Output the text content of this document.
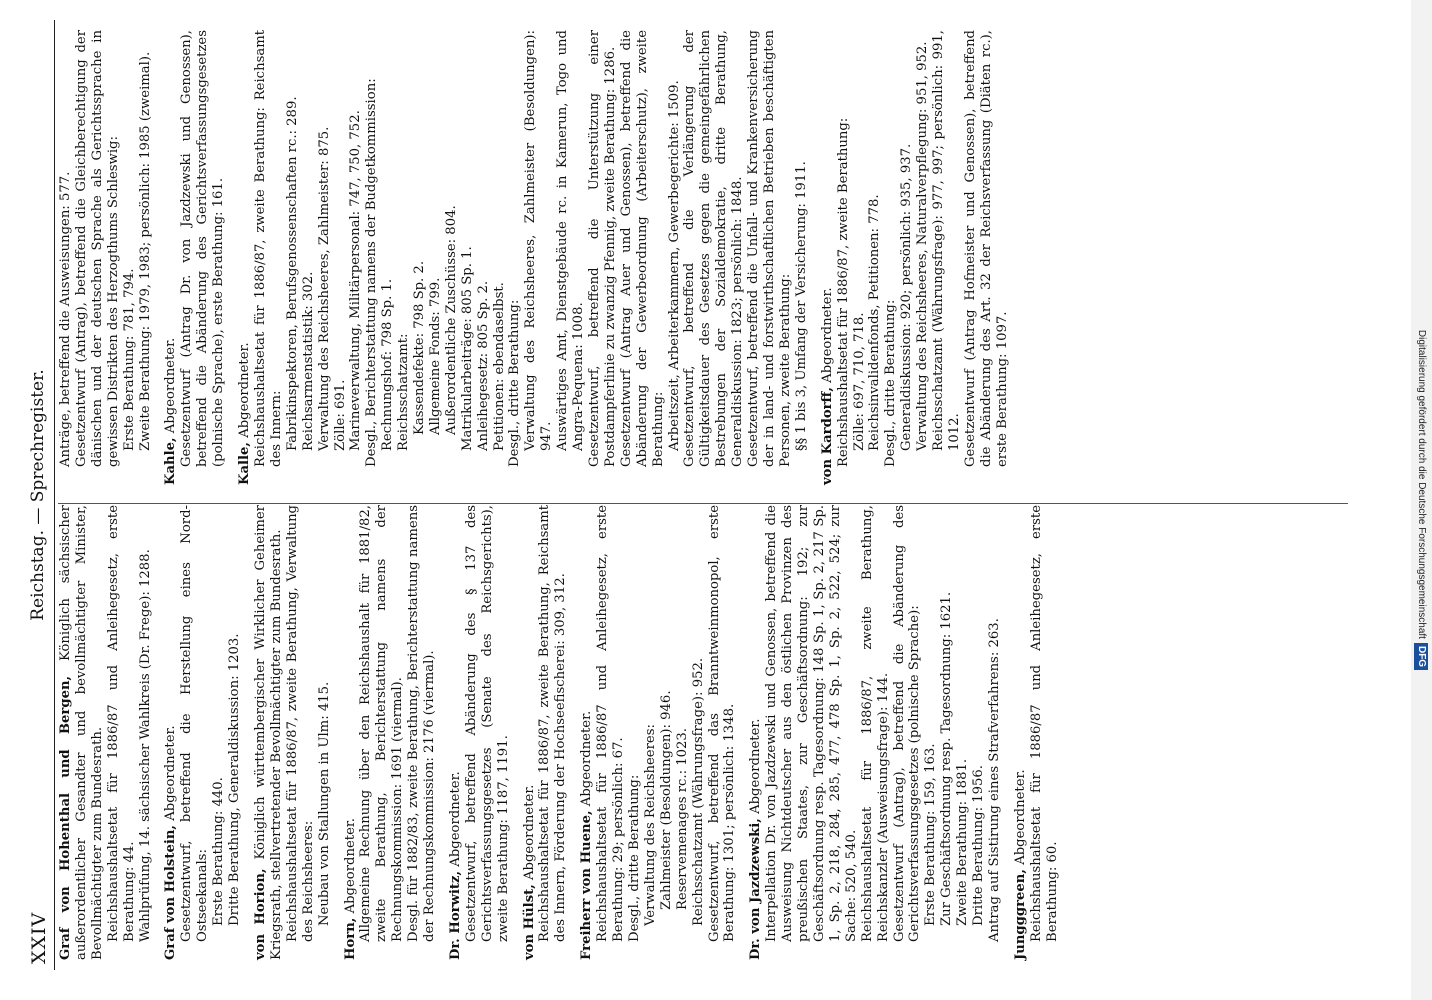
XXIV
Reichstag. — Sprechregister.
Graf von Hohenthal und Bergen, Königlich sächsischer außerordentlicher Gesandter und bevollmächtigter Minister, Bevollmächtigter zum Bundesrath. Reichshaushaltsetat für 1886/87 und Anleihegesetz, erste Berathung: 44. Wahlprüfung, 14. sächsischer Wahlkreis (Dr. Frege): 1288. Graf von Holstein, Abgeordneter. Gesetzentwurf, betreffend die Herstellung eines Nord-Ostseekanals: Erste Berathung: 440. Dritte Berathung, Generaldiskussion: 1203. von Horion, Königlich württembergischer Wirklicher Geheimer Kriegsrath, stellvertretender Bevollmächtigter zum Bundesrath. Reichshaushaltsetat für 1886/87, zweite Berathung, Verwaltung des Reichsheeres: Neubau von Stallungen in Ulm: 415.
Horn, Abgeordneter. Allgemeine Rechnung über den Reichshaushalt für 1881/82, zweite Berathung, Berichterstattung namens der Rechnungskommission: 1691 (viermal). Desgl. für 1882/83, zweite Berathung, Berichterstattung namens der Rechnungskommission: 2176 (viermal). Dr. Horwitz, Abgeordneter. Gesetzentwurf, betreffend Abänderung des § 137 des Gerichtsverfassungsgesetzes (Senate des Reichsgerichts), zweite Berathung: 1187, 1191. von Hülst, Abgeordneter. Reichshaushaltsetat für 1886/87, zweite Berathung, Reichsamt des Innern, Förderung der Hochseefischerei: 309, 312. Freiherr von Huene, Abgeordneter. Reichshaushaltsetat für 1886/87 und Anleihegesetz, erste Berathung: 29; persönlich: 67. Desgl., dritte Berathung: Verwaltung des Reichsheeres: Zahlmeister (Besoldungen): 946. Reservemenages rc.: 1023. Reichsschatzamt (Währungsfrage): 952. Gesetzentwurf, betreffend das Branntweinmonopol, erste Berathung: 1301; persönlich: 1348. Dr. von Jazdzewski, Abgeordneter. Interpellation Dr. von Jazdzewski und Genossen, betreffend die Ausweisung Nichtdeutscher aus den östlichen Provinzen des preußischen Staates, zur Geschäftsordnung: 192; zur Geschäftsordnung resp. Tagesordnung: 148 Sp. 1, Sp. 2, 217 Sp. 1, Sp. 2, 218, 284, 285, 477, 478 Sp. 1, Sp. 2, 522, 524; zur Sache: 520, 540. Reichshaushaltsetat für 1886/87, zweite Berathung, Reichskanzler (Ausweisungsfrage): 144. Gesetzentwurf (Antrag), betreffend die Abänderung des Gerichtsverfassungsgesetzes (polnische Sprache): Erste Berathung: 159, 163. Zur Geschäftsordnung resp. Tagesordnung: 1621. Zweite Berathung: 1881. Dritte Berathung: 1956. Antrag auf Sistirung eines Strafverfahrens: 263. Jungggreen, Abgeordneter. Reichshaushaltsetat für 1886/87 und Anleihegesetz, erste Berathung: 60.
Anträge, betreffend die Ausweisungen: 577. Gesetzentwurf (Antrag), betreffend die Gleichberechtigung der dänischen und der deutschen Sprache als Gerichtssprache in gewissen Distrikten des Herzogthums Schleswig: Erste Berathung: 781, 794. Zweite Berathung: 1979, 1983; persönlich: 1985 (zweimal).
Kahle, Abgeordneter. Gesetzentwurf (Antrag Dr. von Jazdzewski und Genossen), betreffend die Abänderung des Gerichtsverfassungsgesetzes (polnische Sprache), erste Berathung: 161. Kalle, Abgeordneter. Reichshaushaltsetat für 1886/87, zweite Berathung: Reichsamt des Innern: Fabrikinspektoren, Berufsgenossenschaften rc.: 289. Reichsarmenstatistik: 302. Verwaltung des Reichsheeres, Zahlmeister: 875. Zölle: 691. Marineverwaltung, Militärpersonal: 747, 750, 752. Desgl., Berichterstattung namens der Budgetkommission: Rechnungshof: 798 Sp. 1. Reichsschatzamt: Kassendefekte: 798 Sp. 2. Allgemeine Fonds: 799. Außerordentliche Zuschüsse: 804. Matrikularbeiträge: 805 Sp. 1. Anleihegesetz: 805 Sp. 2. Petitionen: ebendaselbst. Desgl., dritte Berathung: Verwaltung des Reichsheeres, Zahlmeister (Besoldungen): 947. Auswärtiges Amt, Dienstgebäude rc. in Kamerun, Togo und Angra-Pequena: 1008. Gesetzentwurf, betreffend die Unterstützung einer Postdampferlinie zu zwanzig Pfennig, zweite Berathung: 1286. Gesetzentwurf (Antrag Auer und Genossen), betreffend die Abänderung der Gewerbeordnung (Arbeiterschutz), zweite Berathung: Arbeitszeit, Arbeiterkammern, Gewerbegerichte: 1509. Gesetzentwurf, betreffend die Verlängerung der Gültigkeitsdauer des Gesetzes gegen die gemeingefährlichen Bestrebungen der Sozialdemokratie, dritte Berathung, Generaldiskussion: 1823; persönlich: 1848. Gesetzentwurf, betreffend die Unfall- und Krankenversicherung der in land- und forstwirthschaftlichen Betrieben beschäftigten Personen, zweite Berathung: §§ 1 bis 3, Umfang der Versicherung: 1911. von Kardorff, Abgeordneter. Reichshaushaltsetat für 1886/87, zweite Berathung: Zölle: 697, 710, 718. Reichsinvalidenfonds, Petitionen: 778. Desgl., dritte Berathung: Generaldiskussion: 920; persönlich: 935, 937. Verwaltung des Reichsheeres, Naturalverpflegung: 951, 952. Reichsschatzamt (Währungsfrage): 977, 997; persönlich: 991, 1012. Gesetzentwurf (Antrag Hofmeister und Genossen), betreffend die Abänderung des Art. 32 der Reichsverfassung (Diäten rc.), erste Berathung: 1097.	Digitalisierung gefördert durch die Deutsche ForschungsgemeinschaftDFG
